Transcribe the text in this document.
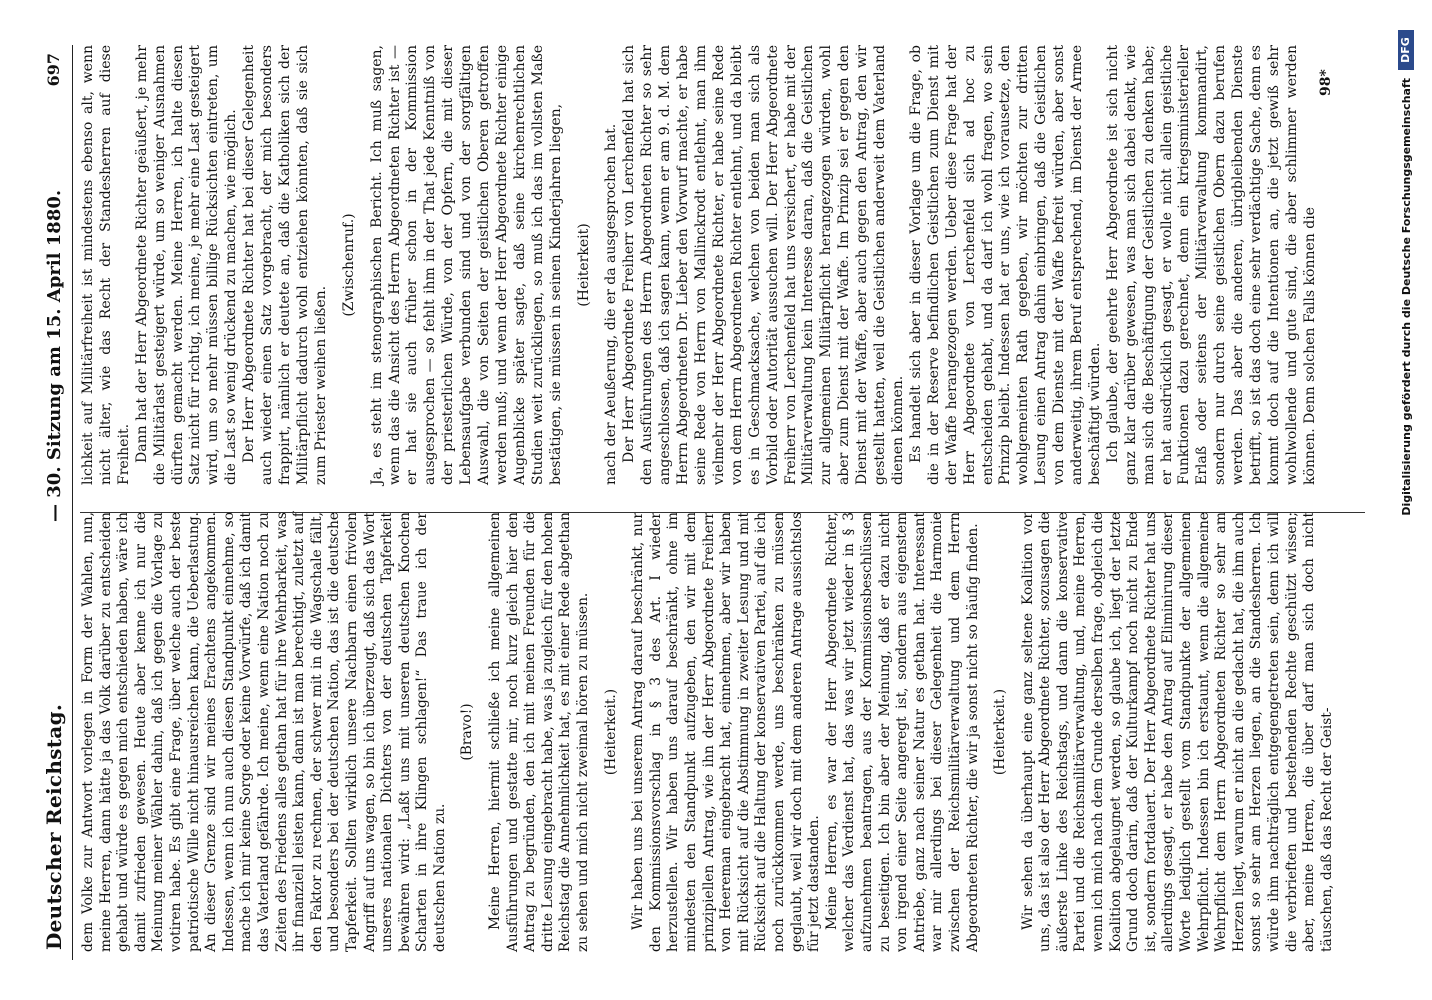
Deutscher Reichstag.
— 30. Sitzung am 15. April 1880.
697

dem Volke zur Antwort vorlegen in Form der Wahlen, nun, meine Herren, dann hätte ja das Volk darüber zu entscheiden gehabt und würde es gegen mich entschieden haben, wäre ich damit zufrieden gewesen. Heute aber kenne ich nur die Meinung meiner Wähler dahin, daß ich gegen die Vorlage zu votiren habe. Es gibt eine Frage, über welche auch der beste patriotische Wille nicht hinausreichen kann, die Ueberlastung. An dieser Grenze sind wir meines Erachtens angekommen. Indessen, wenn ich nun auch diesen Standpunkt einnehme, so mache ich mir keine Sorge oder keine Vorwürfe, daß ich damit das Vaterland gefährde. Ich meine, wenn eine Nation noch zu Zeiten des Friedens alles gethan hat für ihre Wehrbarkeit, was ihr finanziell leisten kann, dann ist man berechtigt, zuletzt auf den Faktor zu rechnen, der schwer mit in die Wagschale fällt, und besonders bei der deutschen Nation, das ist die deutsche Tapferkeit. Sollten wirklich unsere Nachbarn einen frivolen Angriff auf uns wagen, so bin ich überzeugt, daß sich das Wort unseres nationalen Dichters von der deutschen Tapferkeit bewähren wird: „Laßt uns mit unseren deutschen Knochen Scharten in ihre Klingen schlagen!“ Das traue ich der deutschen Nation zu.

(Bravo!) Meine Herren, hiermit schließe ich meine allgemeinen Ausführungen und gestatte mir, noch kurz gleich hier den Antrag zu begründen, den ich mit meinen Freunden für die dritte Lesung eingebracht habe, was ja zugleich für den hohen Reichstag die Annehmlichkeit hat, es mit einer Rede abgethan zu sehen und mich nicht zweimal hören zu müssen. (Heiterkeit.) Wir haben uns bei unserem Antrag darauf beschränkt, nur den Kommissionsvorschlag in § 3 des Art. I wieder herzustellen. Wir haben uns darauf beschränkt, ohne im mindesten den Standpunkt aufzugeben, den wir mit dem prinzipiellen Antrag, wie ihn der Herr Abgeordnete Freiherr von Heereman eingebracht hat, einnehmen, aber wir haben mit Rücksicht auf die Abstimmung in zweiter Lesung und mit Rücksicht auf die Haltung der konservativen Partei, auf die ich noch zurückkommen werde, uns beschränken zu müssen geglaubt, weil wir doch mit dem anderen Antrage aussichtslos für jetzt dastanden. Meine Herren, es war der Herr Abgeordnete Richter, welcher das Verdienst hat, das was wir jetzt wieder in § 3 aufzunehmen beantragen, aus der Kommissionsbeschlüssen zu beseitigen. Ich bin aber der Meinung, daß er dazu nicht von irgend einer Seite angeregt ist, sondern aus eigenstem Antriebe, ganz nach seiner Natur es gethan hat. Interessant war mir allerdings bei dieser Gelegenheit die Harmonie zwischen der Reichsmilitärverwaltung und dem Herrn Abgeordneten Richter, die wir ja sonst nicht so häufig finden. (Heiterkeit.) Wir sehen da überhaupt eine ganz seltene Koalition vor uns, das ist also der Herr Abgeordnete Richter, sozusagen die äußerste Linke des Reichstags, und dann die konservative Partei und die Reichsmilitärverwaltung, und, meine Herren, wenn ich mich nach dem Grunde derselben frage, obgleich die Koalition abgelaugnet werden, so glaube ich, liegt der letzte Grund doch darin, daß der Kulturkampf noch nicht zu Ende ist, sondern fortdauert. Der Herr Abgeordnete Richter hat uns allerdings gesagt, er habe den Antrag auf Eliminirung dieser Worte lediglich gestellt vom Standpunkte der allgemeinen Wehrpflicht. Indessen bin ich erstaunt, wenn die allgemeine Wehrpflicht dem Herrn Abgeordneten Richter so sehr am Herzen liegt, warum er nicht an die gedacht hat, die ihm auch sonst so sehr am Herzen liegen, an die Standesherren. Ich würde ihm nachträglich entgegengetreten sein, denn ich will die verbrieften und bestehenden Rechte geschützt wissen; aber, meine Herren, die über darf man sich doch nicht täuschen, daß das Recht der Geist-

lichkeit auf Militärfreiheit ist mindestens ebenso alt, wenn nicht älter, wie das Recht der Standesherren auf diese Freiheit. Dann hat der Herr Abgeordnete Richter geäußert, je mehr die Militärlast gesteigert würde, um so weniger Ausnahmen dürften gemacht werden. Meine Herren, ich halte diesen Satz nicht für richtig, ich meine, je mehr eine Last gesteigert wird, um so mehr müssen billige Rücksichten eintreten, um die Last so wenig drückend zu machen, wie möglich. Der Herr Abgeordnete Richter hat bei dieser Gelegenheit auch wieder einen Satz vorgebracht, der mich besonders frappirt, nämlich er deutete an, daß die Katholiken sich der Militärpflicht dadurch wohl entziehen könnten, daß sie sich zum Priester weihen ließen.

(Zwischenruf.) Ja, es steht im stenographischen Bericht. Ich muß sagen, wenn das die Ansicht des Herrn Abgeordneten Richter ist — er hat sie auch früher schon in der Kommission ausgesprochen — so fehlt ihm in der That jede Kenntniß von der priesterlichen Würde, von der Opfern, die mit dieser Lebensaufgabe verbunden sind und von der sorgfältigen Auswahl, die von Seiten der geistlichen Oberen getroffen werden muß; und wenn der Herr Abgeordnete Richter einige Augenblicke später sagte, daß seine kirchenrechtlichen Studien weit zurückliegen, so muß ich das im vollsten Maße bestätigen, sie müssen in seinen Kinderjahren liegen, (Heiterkeit) nach der Aeußerung, die er da ausgesprochen hat. Der Herr Abgeordnete Freiherr von Lerchenfeld hat sich den Ausführungen des Herrn Abgeordneten Richter so sehr angeschlossen, daß ich sagen kann, wenn er am 9. d. M. dem Herrn Abgeordneten Dr. Lieber den Vorwurf machte, er habe seine Rede von Herrn von Mallinckrodt entlehnt, man ihm vielmehr der Herr Abgeordnete Richter, er habe seine Rede von dem Herrn Abgeordneten Richter entlehnt, und da bleibt es in Geschmacksache, welchen von beiden man sich als Vorbild oder Autorität aussuchen will. Der Herr Abgeordnete Freiherr von Lerchenfeld hat uns versichert, er habe mit der Militärverwaltung kein Interesse daran, daß die Geistlichen zur allgemeinen Militärpflicht herangezogen würden, wohl aber zum Dienst mit der Waffe. Im Prinzip sei er gegen den Dienst mit der Waffe, aber auch gegen den Antrag, den wir gestellt hatten, weil die Geistlichen anderweit dem Vaterland dienen können. Es handelt sich aber in dieser Vorlage um die Frage, ob die in der Reserve befindlichen Geistlichen zum Dienst mit der Waffe herangezogen werden. Ueber diese Frage hat der Herr Abgeordnete von Lerchenfeld sich ad hoc zu entscheiden gehabt, und da darf ich wohl fragen, wo sein Prinzip bleibt. Indessen hat er uns, wie ich vorausetze, den wohlgemeinten Rath gegeben, wir möchten zur dritten Lesung einen Antrag dahin einbringen, daß die Geistlichen von dem Dienste mit der Waffe befreit würden, aber sonst anderweitig, ihrem Beruf entsprechend, im Dienst der Armee beschäftigt würden. Ich glaube, der geehrte Herr Abgeordnete ist sich nicht ganz klar darüber gewesen, was man sich dabei denkt, wie man sich die Beschäftigung der Geistlichen zu denken habe; er hat ausdrücklich gesagt, er wolle nicht allein geistliche Funktionen dazu gerechnet, denn ein kriegsministerieller Erlaß oder seitens der Militärverwaltung kommandirt, sondern nur durch seine geistlichen Obern dazu berufen werden. Das aber die anderen, übrigbleibenden Dienste betrifft, so ist das doch eine sehr verdächtige Sache, denn es kommt doch auf die Intentionen an, die jetzt gewiß sehr wohlwollende und gute sind, die aber schlimmer werden können. Denn solchen Falls können die

98*	Digitalisierung gefördert durch die Deutsche Forschungsgemeinschaft
DFG
